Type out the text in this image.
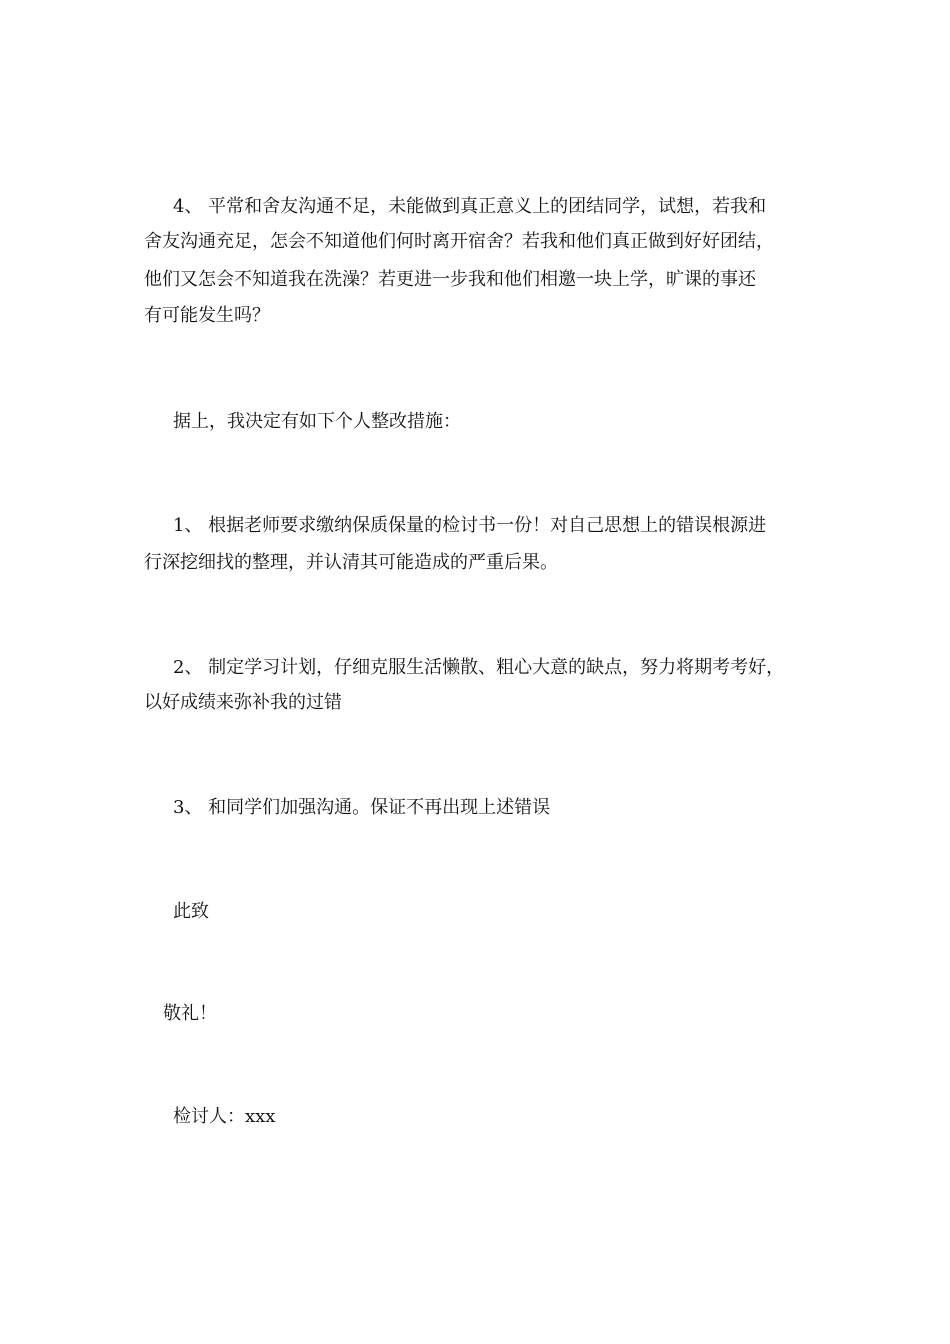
4、 平常和舍友沟通不足，未能做到真正意义上的团结同学，试想，若我和
舍友沟通充足，怎会不知道他们何时离开宿舍？若我和他们真正做到好好团结，
他们又怎会不知道我在洗澡？若更进一步我和他们相邀一块上学，旷课的事还
有可能发生吗？
据上，我决定有如下个人整改措施：
1、 根据老师要求缴纳保质保量的检讨书一份！对自己思想上的错误根源进
行深挖细找的整理，并认清其可能造成的严重后果。
2、 制定学习计划，仔细克服生活懒散、粗心大意的缺点，努力将期考考好，
以好成绩来弥补我的过错
3、 和同学们加强沟通。保证不再出现上述错误
此致
敬礼！
检讨人：xxx
